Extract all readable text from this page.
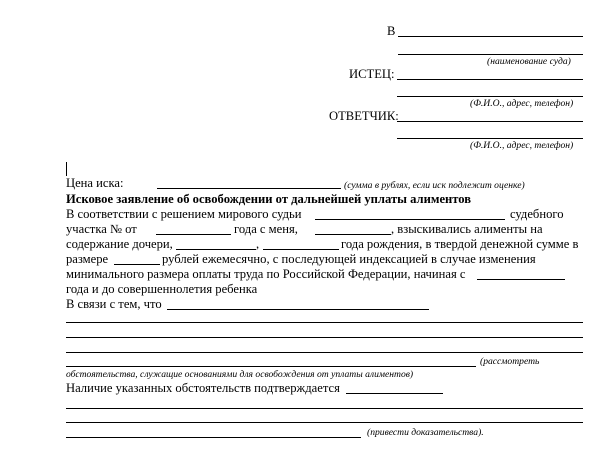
В
(наименование суда)
ИСТЕЦ:
(Ф.И.О., адрес, телефон)
ОТВЕТЧИК:
(Ф.И.О., адрес, телефон)
Цена иска:	(сумма в рублях, если иск подлежит оценке)
Исковое заявление об освобождении от дальнейшей уплаты алиментов
В соответствии с решением мирового судьи	судебного
участка № от	года с меня,	, взыскивались алименты на
содержание дочери,	,	года рождения, в твердой денежной сумме в
размере	рублей ежемесячно, с последующей индексацией в случае изменения
минимального размера оплаты труда по Российской Федерации, начиная с
года и до совершеннолетия ребенка
В связи с тем, что
(рассмотреть
обстоятельства, служащие основаниями для освобождения от уплаты алиментов)
Наличие указанных обстоятельств подтверждается
(привести доказательства).
